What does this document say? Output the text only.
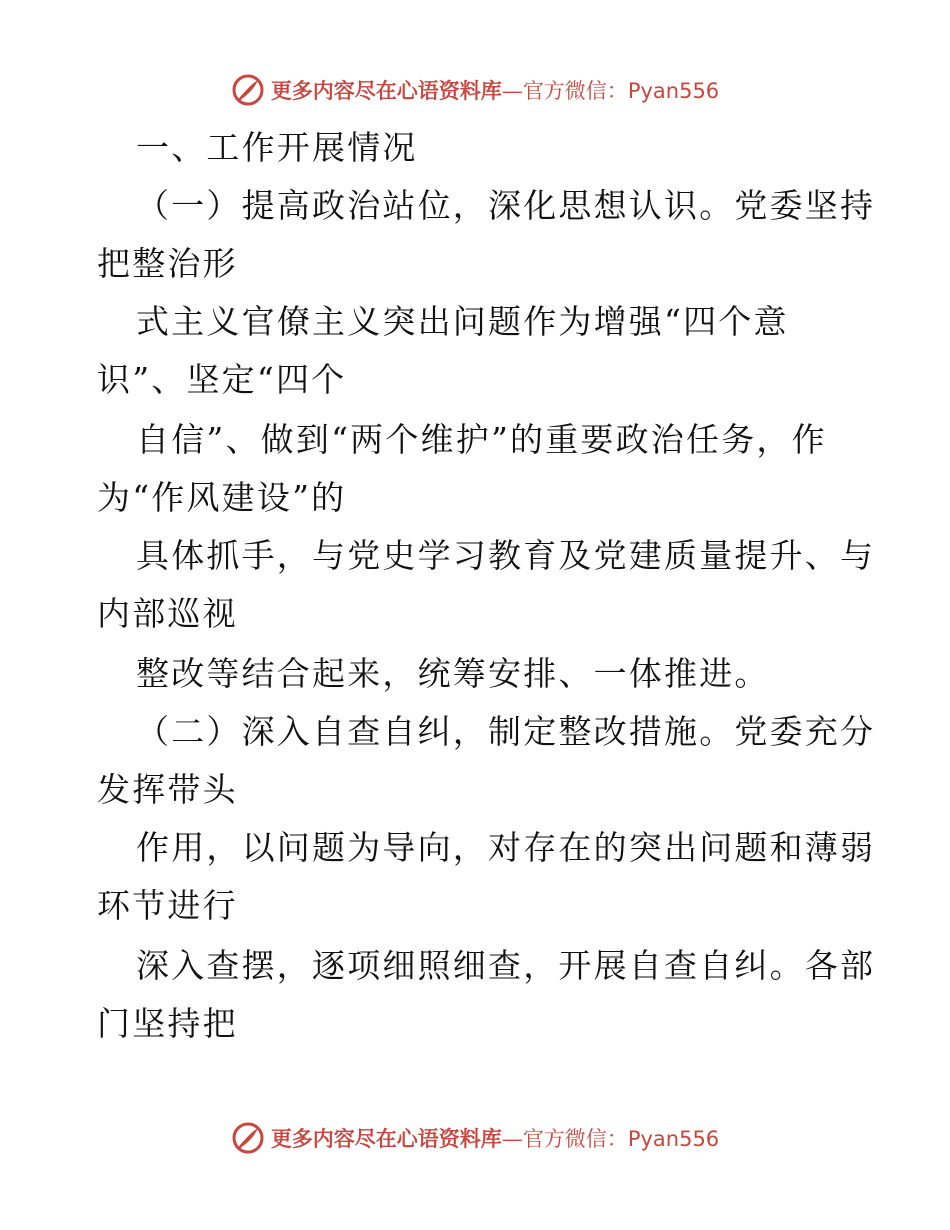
更多内容尽在心语资料库—官方微信：Pyan556
一、工作开展情况
（一）提高政治站位，深化思想认识。党委坚持
把整治形
式主义官僚主义突出问题作为增强“四个意
识”、坚定“四个
自信”、做到“两个维护”的重要政治任务，作
为“作风建设”的
具体抓手，与党史学习教育及党建质量提升、与
内部巡视
整改等结合起来，统筹安排、一体推进。
（二）深入自查自纠，制定整改措施。党委充分
发挥带头
作用，以问题为导向，对存在的突出问题和薄弱
环节进行
深入查摆，逐项细照细查，开展自查自纠。各部
门坚持把
更多内容尽在心语资料库—官方微信：Pyan556
